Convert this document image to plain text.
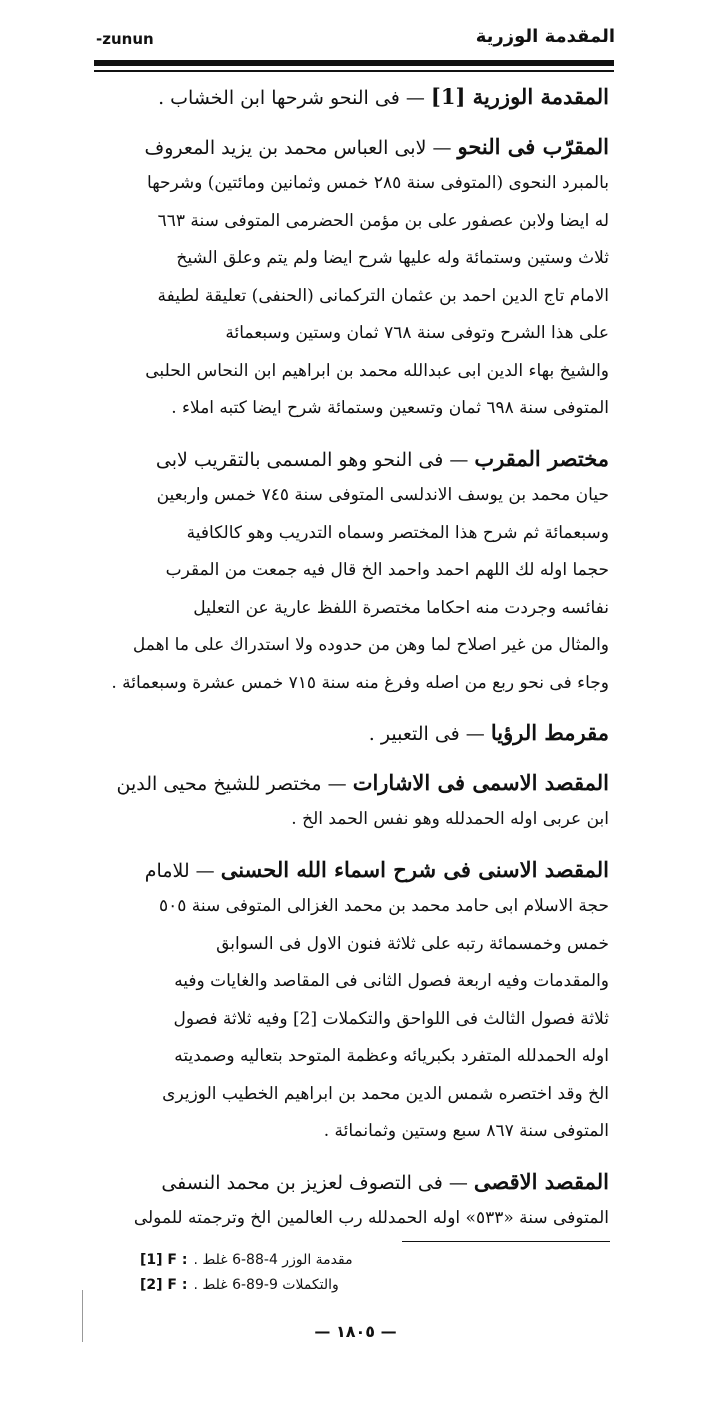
-zunun	المقدمة الوزرية
المقدمة الوزرية [1] — فى النحو شرحها ابن الخشاب .
المقرّب فى النحو — لابى العباس محمد بن يزيد المعروف
بالمبرد النحوى (المتوفى سنة ٢٨٥ خمس وثمانين ومائتين) وشرحها
له ايضا ولابن عصفور على بن مؤمن الحضرمى المتوفى سنة ٦٦٣
ثلاث وستين وستمائة وله عليها شرح ايضا ولم يتم وعلق الشيخ
الامام تاج الدين احمد بن عثمان التركمانى (الحنفى) تعليقة لطيفة
على هذا الشرح وتوفى سنة ٧٦٨ ثمان وستين وسبعمائة
والشيخ بهاء الدين ابى عبدالله محمد بن ابراهيم ابن النحاس الحلبى
المتوفى سنة ٦٩٨ ثمان وتسعين وستمائة شرح ايضا كتبه املاء .
مختصر المقرب — فى النحو وهو المسمى بالتقريب لابى
حيان محمد بن يوسف الاندلسى المتوفى سنة ٧٤٥ خمس واربعين
وسبعمائة ثم شرح هذا المختصر وسماه التدريب وهو كالكافية
حجما اوله لك اللهم احمد واحمد الخ قال فيه جمعت من المقرب
نفائسه وجردت منه احكاما مختصرة اللفظ عارية عن التعليل
والمثال من غير اصلاح لما وهن من حدوده ولا استدراك على ما اهمل
وجاء فى نحو ربع من اصله وفرغ منه سنة ٧١٥ خمس عشرة وسبعمائة .
مقرمط الرؤيا — فى التعبير .
المقصد الاسمى فى الاشارات — مختصر للشيخ محيى الدين
ابن عربى اوله الحمدلله وهو نفس الحمد الخ .
المقصد الاسنى فى شرح اسماء الله الحسنى — للامام
حجة الاسلام ابى حامد محمد بن محمد الغزالى المتوفى سنة ٥٠٥
خمس وخمسمائة رتبه على ثلاثة فنون الاول فى السوابق
والمقدمات وفيه اربعة فصول الثانى فى المقاصد والغايات وفيه
ثلاثة فصول الثالث فى اللواحق والتكملات [2] وفيه ثلاثة فصول
اوله الحمدلله المتفرد بكبريائه وعظمة المتوحد بتعاليه وصمديته
الخ وقد اختصره شمس الدين محمد بن ابراهيم الخطيب الوزيرى
المتوفى سنة ٨٦٧ سبع وستين وثمانمائة .
المقصد الاقصى — فى التصوف لعزيز بن محمد النسفى
المتوفى سنة «٥٣٣» اوله الحمدلله رب العالمين الخ وترجمته للمولى
[1] F : مقدمة الوزر 4-88-6 غلط .
[2] F : والتكملات 9-89-6 غلط .
— ١٨٠٥ —
